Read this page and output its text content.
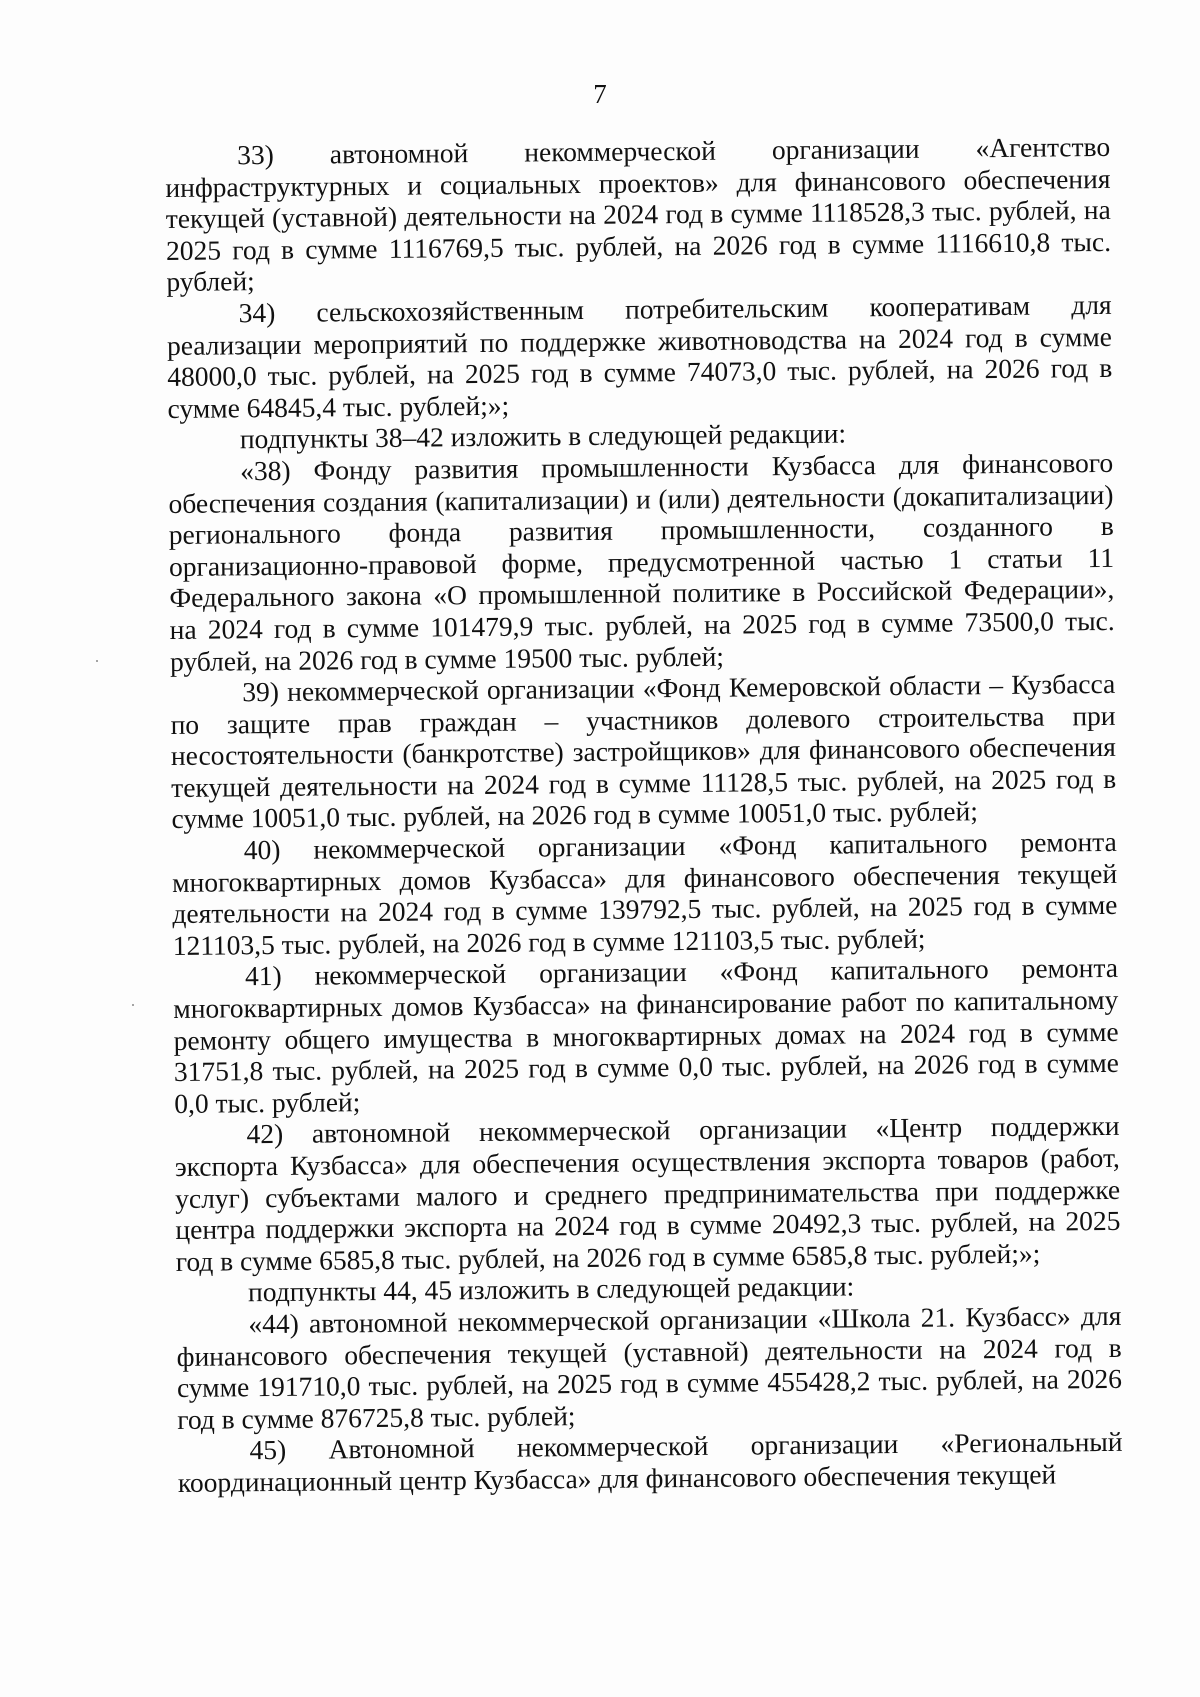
7

33) автономной некоммерческой организации «Агентство инфраструктурных и социальных проектов» для финансового обеспечения текущей (уставной) деятельности на 2024 год в сумме 1118528,3 тыс. рублей, на 2025 год в сумме 1116769,5 тыс. рублей, на 2026 год в сумме 1116610,8 тыс. рублей;

34) сельскохозяйственным потребительским кооперативам для реализации мероприятий по поддержке животноводства на 2024 год в сумме 48000,0 тыс. рублей, на 2025 год в сумме 74073,0 тыс. рублей, на 2026 год в сумме 64845,4 тыс. рублей;»;

подпункты 38–42 изложить в следующей редакции:

«38) Фонду развития промышленности Кузбасса для финансового обеспечения создания (капитализации) и (или) деятельности (докапитализации) регионального фонда развития промышленности, созданного в организационно-правовой форме, предусмотренной частью 1 статьи 11 Федерального закона «О промышленной политике в Российской Федерации», на 2024 год в сумме 101479,9 тыс. рублей, на 2025 год в сумме 73500,0 тыс. рублей, на 2026 год в сумме 19500 тыс. рублей;

39) некоммерческой организации «Фонд Кемеровской области – Кузбасса по защите прав граждан – участников долевого строительства при несостоятельности (банкротстве) застройщиков» для финансового обеспечения текущей деятельности на 2024 год в сумме 11128,5 тыс. рублей, на 2025 год в сумме 10051,0 тыс. рублей, на 2026 год в сумме 10051,0 тыс. рублей;

40) некоммерческой организации «Фонд капитального ремонта многоквартирных домов Кузбасса» для финансового обеспечения текущей деятельности на 2024 год в сумме 139792,5 тыс. рублей, на 2025 год в сумме 121103,5 тыс. рублей, на 2026 год в сумме 121103,5 тыс. рублей;

41) некоммерческой организации «Фонд капитального ремонта многоквартирных домов Кузбасса» на финансирование работ по капитальному ремонту общего имущества в многоквартирных домах на 2024 год в сумме 31751,8 тыс. рублей, на 2025 год в сумме 0,0 тыс. рублей, на 2026 год в сумме 0,0 тыс. рублей;

42) автономной некоммерческой организации «Центр поддержки экспорта Кузбасса» для обеспечения осуществления экспорта товаров (работ, услуг) субъектами малого и среднего предпринимательства при поддержке центра поддержки экспорта на 2024 год в сумме 20492,3 тыс. рублей, на 2025 год в сумме 6585,8 тыс. рублей, на 2026 год в сумме 6585,8 тыс. рублей;»;

подпункты 44, 45 изложить в следующей редакции:

«44) автономной некоммерческой организации «Школа 21. Кузбасс» для финансового обеспечения текущей (уставной) деятельности на 2024 год в сумме 191710,0 тыс. рублей, на 2025 год в сумме 455428,2 тыс. рублей, на 2026 год в сумме 876725,8 тыс. рублей;

45) Автономной некоммерческой организации «Региональный координационный центр Кузбасса» для финансового обеспечения текущей
